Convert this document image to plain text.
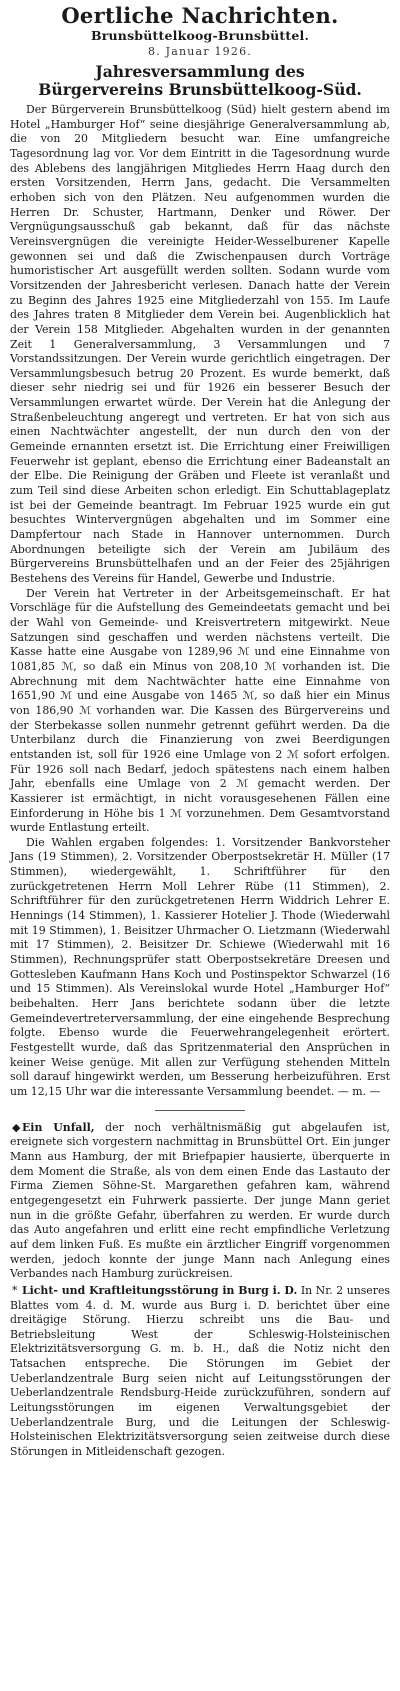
Oertliche Nachrichten.
Brunsbüttelkoog-Brunsbüttel.
8. Januar 1926.
Jahresversammlung des
Bürgervereins Brunsbüttelkoog-Süd.

Der Bürgerverein Brunsbüttelkoog (Süd) hielt gestern abend im Hotel „Hamburger Hof“ seine diesjährige Generalversammlung ab, die von 20 Mitgliedern besucht war. Eine umfangreiche Tagesordnung lag vor. Vor dem Eintritt in die Tagesordnung wurde des Ablebens des langjährigen Mitgliedes Herrn Haag durch den ersten Vorsitzenden, Herrn Jans, gedacht. Die Versammelten erhoben sich von den Plätzen. Neu aufgenommen wurden die Herren Dr. Schuster, Hartmann, Denker und Röwer. Der Vergnügungsausschuß gab bekannt, daß für das nächste Vereinsvergnügen die vereinigte Heider-Wesselburener Kapelle gewonnen sei und daß die Zwischenpausen durch Vorträge humoristischer Art ausgefüllt werden sollten. Sodann wurde vom Vorsitzenden der Jahresbericht verlesen. Danach hatte der Verein zu Beginn des Jahres 1925 eine Mitgliederzahl von 155. Im Laufe des Jahres traten 8 Mitglieder dem Verein bei. Augenblicklich hat der Verein 158 Mitglieder. Abgehalten wurden in der genannten Zeit 1 Generalversammlung, 3 Versammlungen und 7 Vorstandssitzungen. Der Verein wurde gerichtlich eingetragen. Der Versammlungsbesuch betrug 20 Prozent. Es wurde bemerkt, daß dieser sehr niedrig sei und für 1926 ein besserer Besuch der Versammlungen erwartet würde. Der Verein hat die Anlegung der Straßenbeleuchtung angeregt und vertreten. Er hat von sich aus einen Nachtwächter angestellt, der nun durch den von der Gemeinde ernannten ersetzt ist. Die Errichtung einer Freiwilligen Feuerwehr ist geplant, ebenso die Errichtung einer Badeanstalt an der Elbe. Die Reinigung der Gräben und Fleete ist veranlaßt und zum Teil sind diese Arbeiten schon erledigt. Ein Schuttablageplatz ist bei der Gemeinde beantragt. Im Februar 1925 wurde ein gut besuchtes Wintervergnügen abgehalten und im Sommer eine Dampfertour nach Stade in Hannover unternommen. Durch Abordnungen beteiligte sich der Verein am Jubiläum des Bürgervereins Brunsbüttelhafen und an der Feier des 25jährigen Bestehens des Vereins für Handel, Gewerbe und Industrie.

Der Verein hat Vertreter in der Arbeitsgemeinschaft. Er hat Vorschläge für die Aufstellung des Gemeindeetats gemacht und bei der Wahl von Gemeinde- und Kreisvertretern mitgewirkt. Neue Satzungen sind geschaffen und werden nächstens verteilt. Die Kasse hatte eine Ausgabe von 1289,96 ℳ und eine Einnahme von 1081,85 ℳ, so daß ein Minus von 208,10 ℳ vorhanden ist. Die Abrechnung mit dem Nachtwächter hatte eine Einnahme von 1651,90 ℳ und eine Ausgabe von 1465 ℳ, so daß hier ein Minus von 186,90 ℳ vorhanden war. Die Kassen des Bürgervereins und der Sterbekasse sollen nunmehr getrennt geführt werden. Da die Unterbilanz durch die Finanzierung von zwei Beerdigungen entstanden ist, soll für 1926 eine Umlage von 2 ℳ sofort erfolgen. Für 1926 soll nach Bedarf, jedoch spätestens nach einem halben Jahr, ebenfalls eine Umlage von 2 ℳ gemacht werden. Der Kassierer ist ermächtigt, in nicht vorausgesehenen Fällen eine Einforderung in Höhe bis 1 ℳ vorzunehmen. Dem Gesamtvorstand wurde Entlastung erteilt.

Die Wahlen ergaben folgendes: 1. Vorsitzender Bankvorsteher Jans (19 Stimmen), 2. Vorsitzender Oberpostsekretär H. Müller (17 Stimmen), wiedergewählt, 1. Schriftführer für den zurückgetretenen Herrn Moll Lehrer Rübe (11 Stimmen), 2. Schriftführer für den zurückgetretenen Herrn Widdrich Lehrer E. Hennings (14 Stimmen), 1. Kassierer Hotelier J. Thode (Wiederwahl mit 19 Stimmen), 1. Beisitzer Uhrmacher O. Lietzmann (Wiederwahl mit 17 Stimmen), 2. Beisitzer Dr. Schiewe (Wiederwahl mit 16 Stimmen), Rechnungsprüfer statt Oberpostsekretäre Dreesen und Gottesleben Kaufmann Hans Koch und Postinspektor Schwarzel (16 und 15 Stimmen). Als Vereinslokal wurde Hotel „Hamburger Hof“ beibehalten. Herr Jans berichtete sodann über die letzte Gemeindevertreterversammlung, der eine eingehende Besprechung folgte. Ebenso wurde die Feuerwehrangelegenheit erörtert. Festgestellt wurde, daß das Spritzenmaterial den Ansprüchen in keiner Weise genüge. Mit allen zur Verfügung stehenden Mitteln soll darauf hingewirkt werden, um Besserung herbeizuführen. Erst um 12,15 Uhr war die interessante Versammlung beendet. — m. —

◆ Ein Unfall, der noch verhältnismäßig gut abgelaufen ist, ereignete sich vorgestern nachmittag in Brunsbüttel Ort. Ein junger Mann aus Hamburg, der mit Briefpapier hausierte, überquerte in dem Moment die Straße, als von dem einen Ende das Lastauto der Firma Ziemen Söhne-St. Margarethen gefahren kam, während entgegengesetzt ein Fuhrwerk passierte. Der junge Mann geriet nun in die größte Gefahr, überfahren zu werden. Er wurde durch das Auto angefahren und erlitt eine recht empfindliche Verletzung auf dem linken Fuß. Es mußte ein ärztlicher Eingriff vorgenommen werden, jedoch konnte der junge Mann nach Anlegung eines Verbandes nach Hamburg zurückreisen.

* Licht- und Kraftleitungsstörung in Burg i. D. In Nr. 2 unseres Blattes vom 4. d. M. wurde aus Burg i. D. berichtet über eine dreitägige Störung. Hierzu schreibt uns die Bau- und Betriebsleitung West der Schleswig-Holsteinischen Elektrizitätsversorgung G. m. b. H., daß die Notiz nicht den Tatsachen entspreche. Die Störungen im Gebiet der Ueberlandzentrale Burg seien nicht auf Leitungsstörungen der Ueberlandzentrale Rendsburg-Heide zurückzuführen, sondern auf Leitungsstörungen im eigenen Verwaltungsgebiet der Ueberlandzentrale Burg, und die Leitungen der Schleswig-Holsteinischen Elektrizitätsversorgung seien zeitweise durch diese Störungen in Mitleidenschaft gezogen.
